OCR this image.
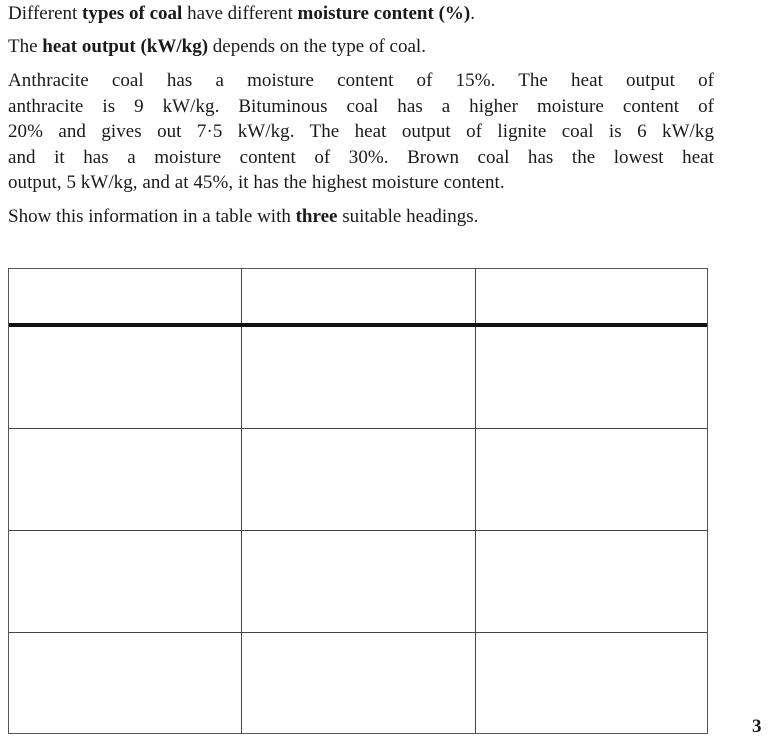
Different types of coal have different moisture content (%).
The heat output (kW/kg) depends on the type of coal.
Anthracite coal has a moisture content of 15%. The heat output of
anthracite is 9 kW/kg. Bituminous coal has a higher moisture content of
20% and gives out 7·5 kW/kg. The heat output of lignite coal is 6 kW/kg
and it has a moisture content of 30%. Brown coal has the lowest heat
output, 5 kW/kg, and at 45%, it has the highest moisture content.
Show this information in a table with three suitable headings.
3
